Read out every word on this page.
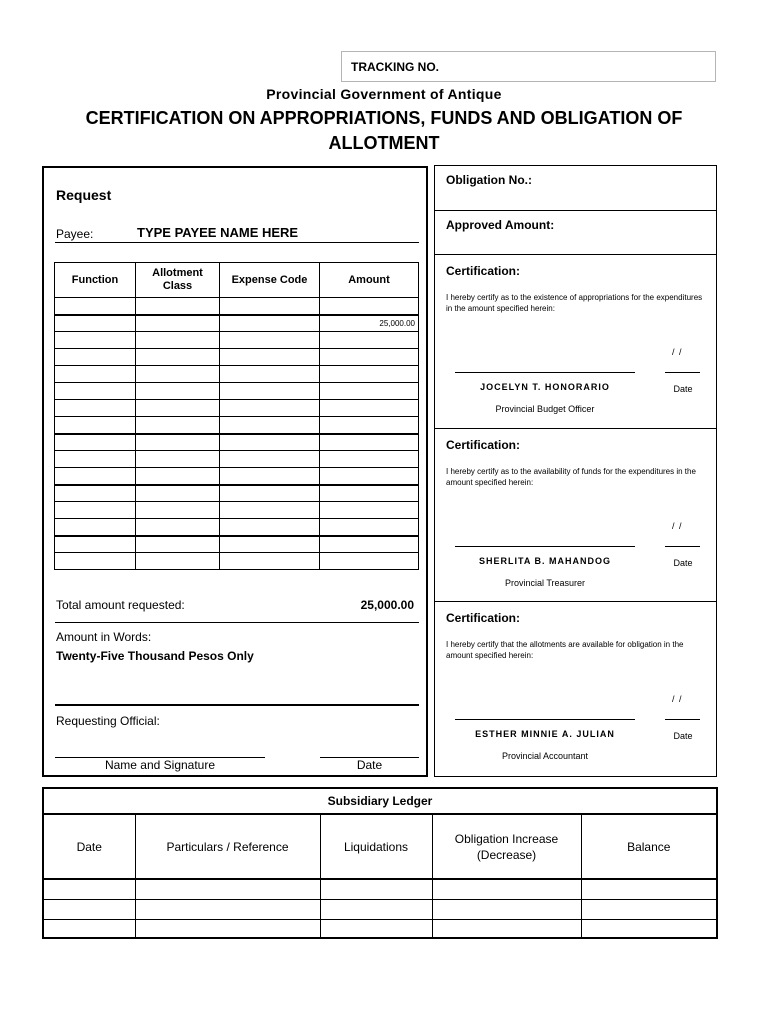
TRACKING NO.
Provincial Government of Antique
CERTIFICATION ON APPROPRIATIONS, FUNDS AND OBLIGATION OF ALLOTMENT
Request
Payee:	TYPE PAYEE NAME HERE
Function	Allotment Class	Expense Code	Amount

			25,000.00

Total amount requested:	25,000.00
Amount in Words:
Twenty-Five Thousand Pesos Only
Requesting Official:
Name and Signature	Date
Obligation No.:
Approved Amount:
Certification:
I hereby certify as to the existence of appropriations for the expenditures in the amount specified herein:
/ /
JOCELYN T. HONORARIO	Date
Provincial Budget Officer
Certification:
I hereby certify as to the availability of funds for the expenditures in the amount specified herein:
/ /
SHERLITA B. MAHANDOG	Date
Provincial Treasurer
Certification:
I hereby certify that the allotments are available for obligation in the amount specified herein:
/ /
ESTHER MINNIE A. JULIAN	Date
Provincial Accountant
Subsidiary Ledger
Date	Particulars / Reference	Liquidations	Obligation Increase (Decrease)	Balance
